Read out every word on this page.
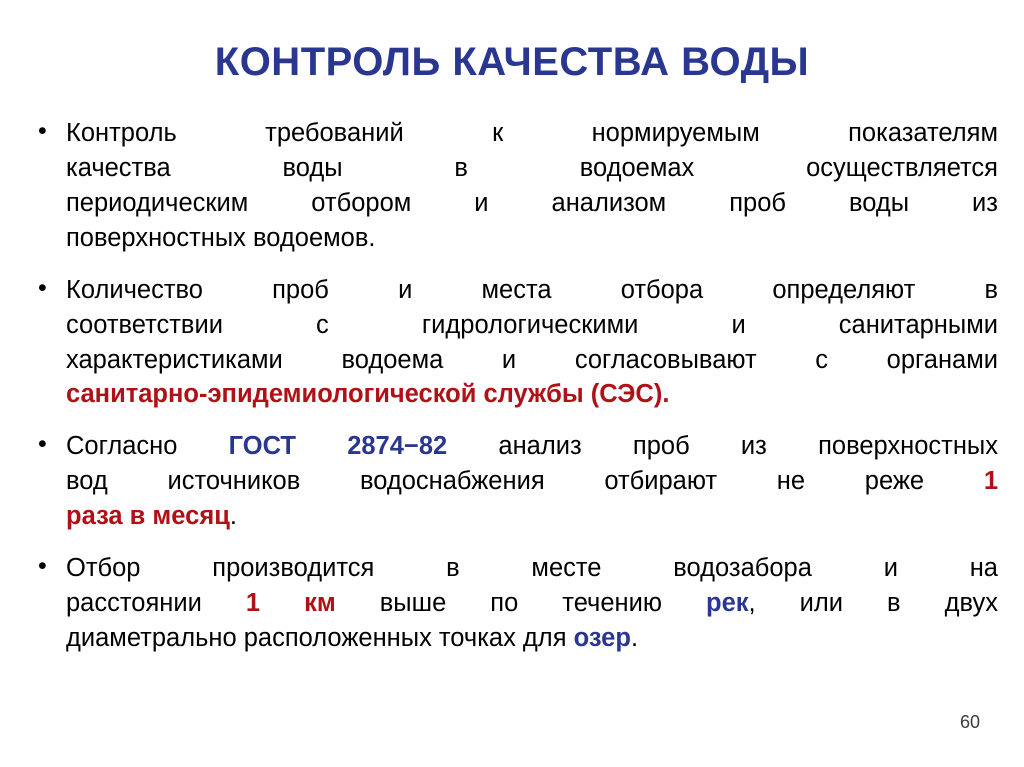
КОНТРОЛЬ КАЧЕСТВА ВОДЫ
• Контроль требований к нормируемым показателям
качества воды в водоемах осуществляется
периодическим отбором и анализом проб воды из
поверхностных водоемов.
• Количество проб и места отбора определяют в
соответствии с гидрологическими и санитарными
характеристиками водоема и согласовывают с органами
санитарно-эпидемиологической службы (СЭС).
• Согласно ГОСТ 2874−82 анализ проб из поверхностных
вод источников водоснабжения отбирают не реже 1
раза в месяц.
• Отбор производится в месте водозабора и на
расстоянии 1 км выше по течению рек, или в двух
диаметрально расположенных точках для озер.
60
